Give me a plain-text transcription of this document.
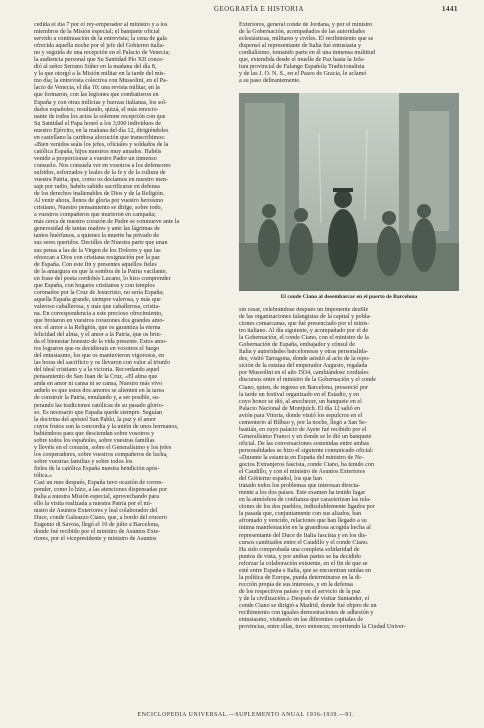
GEOGRAFÍA E HISTORIA	1441
cedida el día 7 por el rey-emperador al ministro y a los
miembros de la Misión especial; el banquete oficial
servido a continuación de la entrevista; la cena de gala
ofrecida aquella noche por el jefe del Gobierno italia-
no y seguida de una recepción en el Palacio de Venecia;
la audiencia personal que Su Santidad Pío XII conce-
dió al señor Serrano Súñer en la mañana del día 8,
y la que otorgó a la Misión militar en la tarde del mis-
mo día; la entrevista colectiva con Mussolini, en el Pa-
lacio de Venecia, el día 10; una revista militar, en la
que formaron, con las legiones que combatieron en
España y con otras milicias y fuerzas italianas, los sol-
dados españoles; resultando, quizá, el más emocio-
nante de todos los actos la solemne recepción con que
Su Santidad el Papa honró a los 3,000 individuos de
nuestro Ejército, en la mañana del día 12, dirigiéndoles
en castellano la cariñosa alocución que transcribimos:
«Bien venidos seáis los jefes, oficiales y soldados de la
católica España, hijos nuestros muy amados. Habéis
venido a proporcionar a vuestro Padre un inmenso
consuelo. Nos consuela ver en vosotros a los defensores
sufridos, esforzados y leales de la fe y de la cultura de
vuestra Patria, que, como os decíamos en nuestro men-
saje por radio, habéis sabido sacrificarse en defensa
de los derechos inalienables de Dios y de la Religión.
Al venir ahora, llenos de gloria por vuestro heroísmo
cristiano, Nuestro pensamiento se dirige, sobre todo,
a vuestros compañeros que murieron en campaña;
más cerca de nuestro corazón de Padre se conmueve ante la
generosidad de tantas madres y ante las lágrimas de
tantos huérfanos, a quienes la muerte ha privado de
sus seres queridos. Decidles de Nuestra parte que unan
sus penas a las de la Virgen de los Dolores y que las
ofrezcan a Dios con cristiana resignación por la paz
de España. Con este fin y presentes aquellos fieles
de la amargura en que la sombra de la Patria vacilante,
en frase del poeta cordobés Lucano, lo hizo comprender
que España, con hogares cristianos y con templos
coronados por la Cruz de Jesucristo, no sería España;
aquella España grande, siempre valerosa, y más que
valeroso caballerosa, y más que caballerosa, cristia-
na. En correspondencia a este precioso ofrecimiento,
que brotaron en vuestros corazones dos grandes amo-
res: el amor a la Religión, que os garantiza la eterna
felicidad del alma, y el amor a la Patria, que os brin-
da el bienestar honesto de la vida presente. Estos amo-
res lograron que os decidierais en vosotros el fuego
del entusiasmo, los que os mantuvieron vigorosos, en
las horas del sacrificio y os llevaron con valor al triunfo
del ideal cristiano y a la victoria. Recordando aquel
pensamiento de San Juan de la Cruz, «El alma que
anda en amor ni cansa ni se cansa, Nuestro más vivo
anhelo es que estos dos amores se alienten en la tarea
de construir la Patria, emulando y, a ser posible, su-
perando las tradiciones católicas de su pasado glorio-
so. Es necesario que España quede siempre. Seguían
la doctrina del apóstol San Pablo, la paz y el amor
cuyos frutos son la concordia y la unión de unos hermanos,
habiéndoos para que desciendan sobre vosotros y
sobre todos los españoles, sobre vuestras familias
y llevéis en el corazón, sobre el Generalísimo y los jefes
los cooperadores, sobre vuestros compañeros de lucha,
sobre vuestras familias y sobre todos los
fieles de la católica España nuestra bendición após-
tólica.»
Casi un mes después, España tuvo ocasión de corres-
ponder, como lo hizo, a las atenciones dispensadas por
Italia a nuestra Misión especial, aprovechando para
ello la visita realizada a nuestra Patria por el mi-
nistro de Asuntos Exteriores y leal colaborador del
Duce, conde Galeazzo Ciano, que, a bordo del crucero
Eugenio di Savoia, llegó el 10 de julio a Barcelona,
donde fué recibido por el ministro de Asuntos Exte-
riores, por el vicepresidente y ministro de Asuntos
Exteriores, general conde de Jordana, y por el ministro
de la Gobernación, acompañados de las autoridades
eclesiásticas, militares y civiles. El recibimiento que se
dispensó al representante de Italia fué entusiasta y
cordialísimo, tomando parte en él una inmensa multitud
que, extendida desde el muelle de Paz hasta la Jefa-
tura provincial de Falange Española Tradicionalista
y de las J. O. N. S., en el Paseo de Gracia, le aclamó
a su paso delirantemente.
El conde Ciano al desembarcar en el puerto de Barcelona
sin cesar, celebrándose después un imponente desfile
de las organizaciones falangistas de la capital y pobla-
ciones comarcanas, que fué presenciado por el minis-
tro italiano. Al día siguiente, y acompañado por el de
la Gobernación, el conde Ciano, con el ministro de la
Gobernación de España, embajador y cónsul de
Italia y autoridades barcelonesas y otras personalida-
des, visitó Tarragona, donde asistió al acto de la repo-
sición de la estatua del emperador Augusto, regalada
por Mussolini en el año 1934, cambiándose cordiales
discursos entre el ministro de la Gobernación y el conde
Ciano, quien, de regreso en Barcelona, presenció por
la tarde un festival organizado en el Estadio, y en
cuyo honor se dió, al anochecer, un banquete en el
Palacio Nacional de Montjuich. El día 12 salió en
avión para Vitoria, donde visitó los sepulcros en el
cementerio al Bilbao y, por la noche, llegó a San Se-
bastián, en cuyo palacio de Ayete fué recibido por el
Generalísimo Franco y en donde se le dió un banquete
oficial. De las conversaciones sostenidas entre ambas
personalidades se hizo el siguiente comunicado oficial:
«Durante la estancia en España del ministro de Ne-
gocios Extranjeros fascista, conde Ciano, ha tenido con
el Caudillo, y con el ministro de Asuntos Exteriores
del Gobierno español, los que han
tratado todos los problemas que interesan directa-
mente a los dos países. Este examen ha tenido lugar
en la atmósfera de confianza que caracterizan las rela-
ciones de los dos pueblos, indisolublemente ligados por
la pasada que, conjuntamente con sus aliados, han
afrontado y vencido, relaciones que han llegado a su
íntima manifestación en la grandiosa acogida hecha al
representante del Duce de Italia fascista y en los dis-
cursos cambiados entre el Caudillo y el conde Ciano.
Ha sido comprobada una completa solidaridad de
puntos de vista, y por ambas partes se ha decidido
reforzar la colaboración existente, en el fin de que se
esté entre España e Italia, que se encuentran unidas en
la política de Europa, pueda determinarse en la di-
rección propia de sus intereses, y en la defensa
de los respectivos países y en el servicio de la paz
y de la civilización.» Después de visitar Santander, el
conde Ciano se dirigió a Madrid, donde fué objeto de un
recibimiento con iguales demostraciones de adhesión y
entusiasmo, visitando en las diferentes capitales de
provincias, entre ellas, tuvo entonces; recorriendo la Ciudad Univer-
ENCICLOPEDIA UNIVERSAL.—SUPLEMENTO ANUAL 1936-1939.—91.
